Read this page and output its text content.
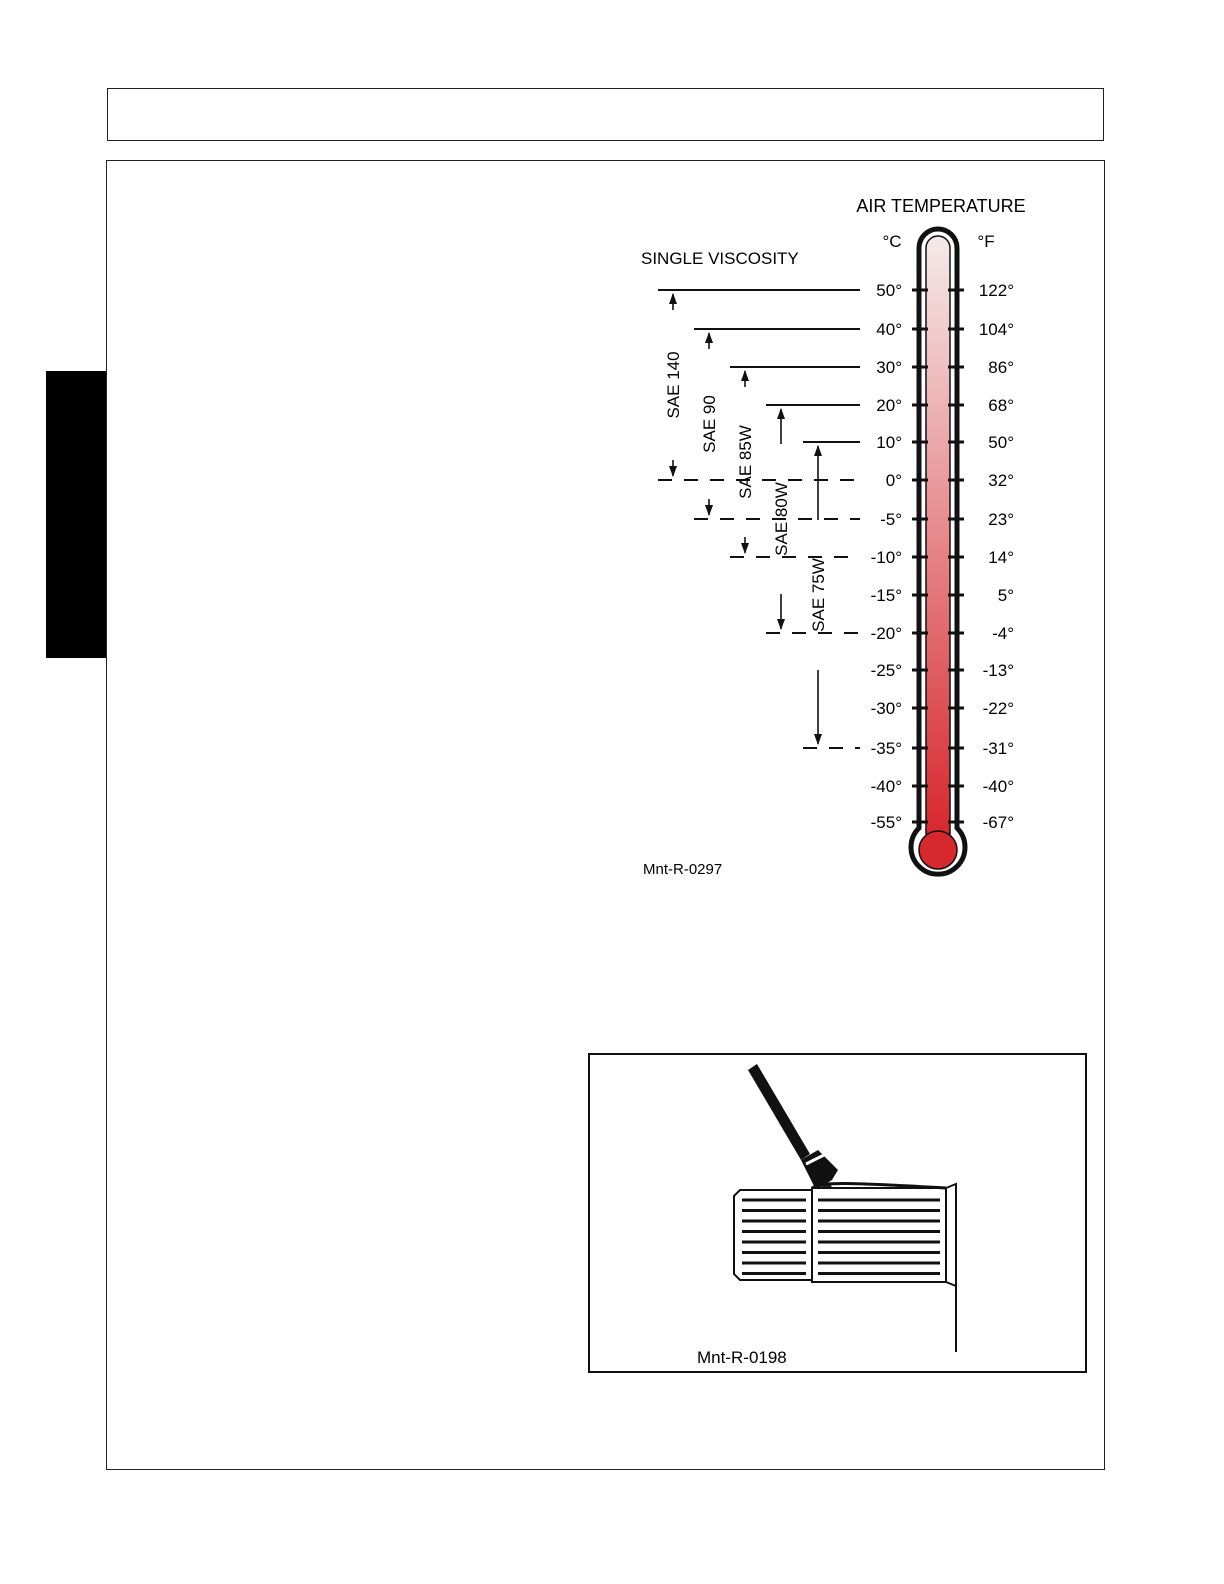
AIR TEMPERATURE
°C	°F
SINGLE VISCOSITY
50°	122°
40°	104°
30°	86°
20°	68°
10°	50°
0°	32°
-5°	23°
-10°	14°
-15°	5°
-20°	-4°
-25°	-13°
-30°	-22°
-35°	-31°
-40°	-40°
-55°	-67°
SAE 140
SAE 90
SAE 85W
SAE 80W
SAE 75W
Mnt-R-0297
Mnt-R-0198
